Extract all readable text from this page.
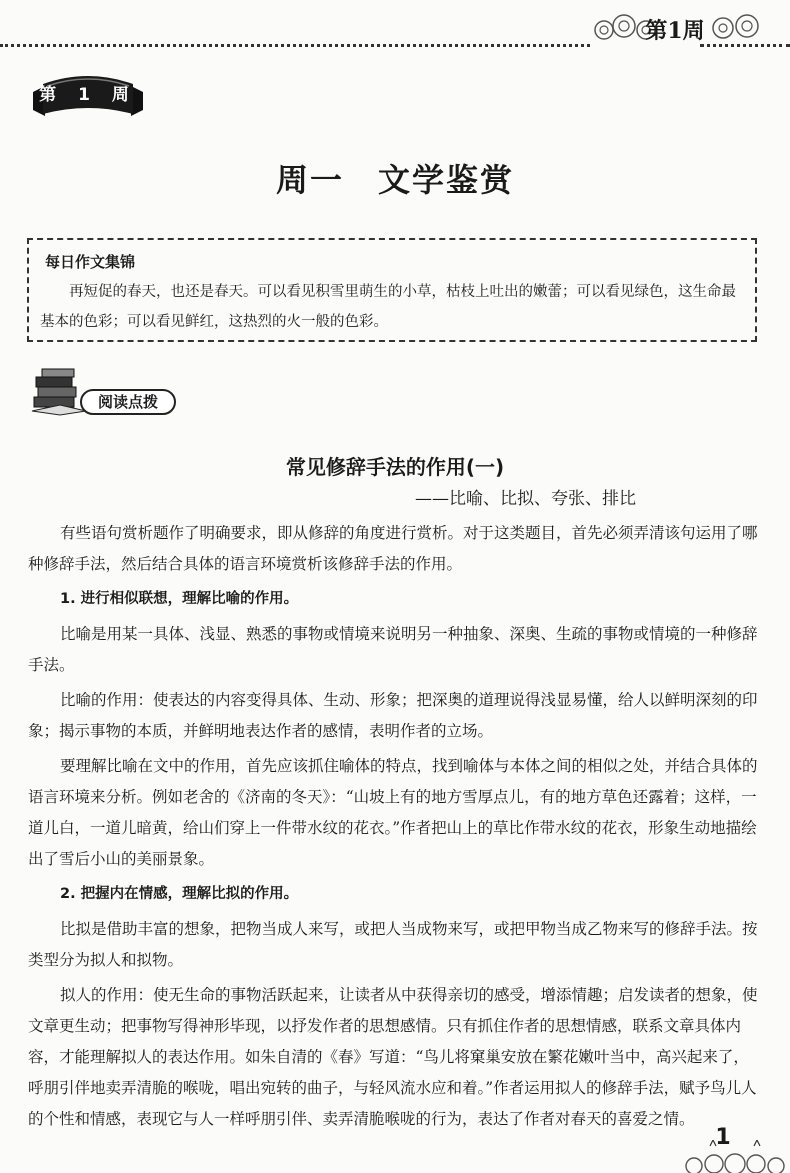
第1周
第 1 周
周一　文学鉴赏
每日作文集锦
再短促的春天，也还是春天。可以看见积雪里萌生的小草，枯枝上吐出的嫩蕾；可以看见绿色，这生命最基本的色彩；可以看见鲜红，这热烈的火一般的色彩。
阅读点拨
常见修辞手法的作用(一)
——比喻、比拟、夸张、排比

有些语句赏析题作了明确要求，即从修辞的角度进行赏析。对于这类题目，首先必须弄清该句运用了哪种修辞手法，然后结合具体的语言环境赏析该修辞手法的作用。

1. 进行相似联想，理解比喻的作用。

比喻是用某一具体、浅显、熟悉的事物或情境来说明另一种抽象、深奥、生疏的事物或情境的一种修辞手法。

比喻的作用：使表达的内容变得具体、生动、形象；把深奥的道理说得浅显易懂，给人以鲜明深刻的印象；揭示事物的本质，并鲜明地表达作者的感情，表明作者的立场。

要理解比喻在文中的作用，首先应该抓住喻体的特点，找到喻体与本体之间的相似之处，并结合具体的语言环境来分析。例如老舍的《济南的冬天》：“山坡上有的地方雪厚点儿，有的地方草色还露着；这样，一道儿白，一道儿暗黄，给山们穿上一件带水纹的花衣。”作者把山上的草比作带水纹的花衣，形象生动地描绘出了雪后小山的美丽景象。

2. 把握内在情感，理解比拟的作用。

比拟是借助丰富的想象，把物当成人来写，或把人当成物来写，或把甲物当成乙物来写的修辞手法。按类型分为拟人和拟物。

拟人的作用：使无生命的事物活跃起来，让读者从中获得亲切的感受，增添情趣；启发读者的想象，使文章更生动；把事物写得神形毕现，以抒发作者的思想感情。只有抓住作者的思想情感，联系文章具体内容，才能理解拟人的表达作用。如朱自清的《春》写道：“鸟儿将窠巢安放在繁花嫩叶当中，高兴起来了，呼朋引伴地卖弄清脆的喉咙，唱出宛转的曲子，与轻风流水应和着。”作者运用拟人的修辞手法，赋予鸟儿人的个性和情感，表现它与人一样呼朋引伴、卖弄清脆喉咙的行为，表达了作者对春天的喜爱之情。

1
